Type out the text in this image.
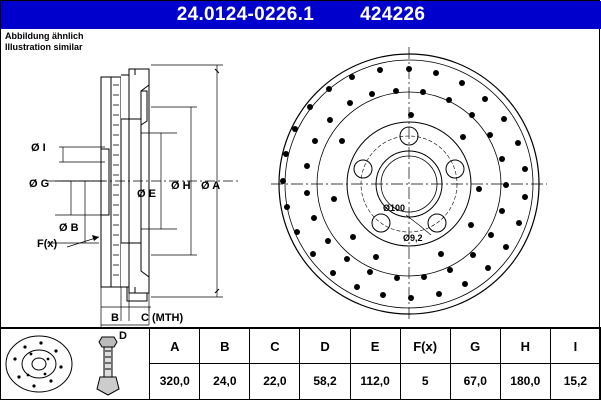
24.0124-0226.1 424226
Abbildung ähnlich
Illustration similar
Ø I
Ø G
Ø B
Ø E
Ø H Ø A
F(x)
B C (MTH)
D
Ø100
Ø9,2
	A	B	C	D	E	F(x)	G	H	I
	320,0	24,0	22,0	58,2	112,0	5	67,0	180,0	15,2
